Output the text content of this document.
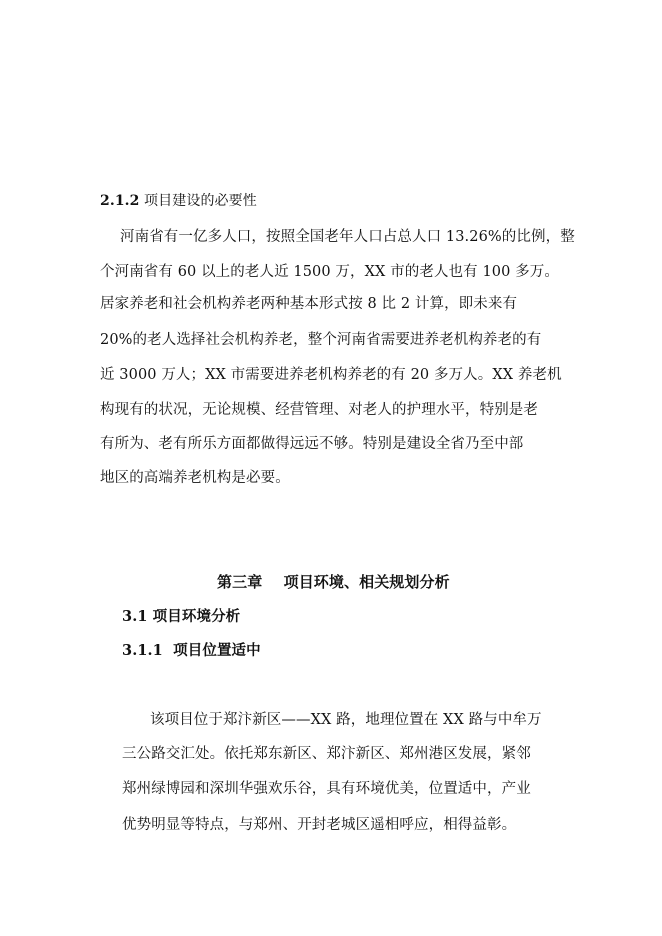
2.1.2 项目建设的必要性
河南省有一亿多人口，按照全国老年人口占总人口 13.26%的比例，整
个河南省有 60 以上的老人近 1500 万，XX 市的老人也有 100 多万。
居家养老和社会机构养老两种基本形式按 8 比 2 计算，即未来有
20%的老人选择社会机构养老，整个河南省需要进养老机构养老的有
近 3000 万人；XX 市需要进养老机构养老的有 20 多万人。XX 养老机
构现有的状况，无论规模、经营管理、对老人的护理水平，特别是老
有所为、老有所乐方面都做得远远不够。特别是建设全省乃至中部
地区的高端养老机构是必要。
第三章    项目环境、相关规划分析
3.1 项目环境分析
3.1.1  项目位置适中
该项目位于郑汴新区——XX 路，地理位置在 XX 路与中牟万
三公路交汇处。依托郑东新区、郑汴新区、郑州港区发展，紧邻
郑州绿博园和深圳华强欢乐谷，具有环境优美，位置适中，产业
优势明显等特点，与郑州、开封老城区遥相呼应，相得益彰。
